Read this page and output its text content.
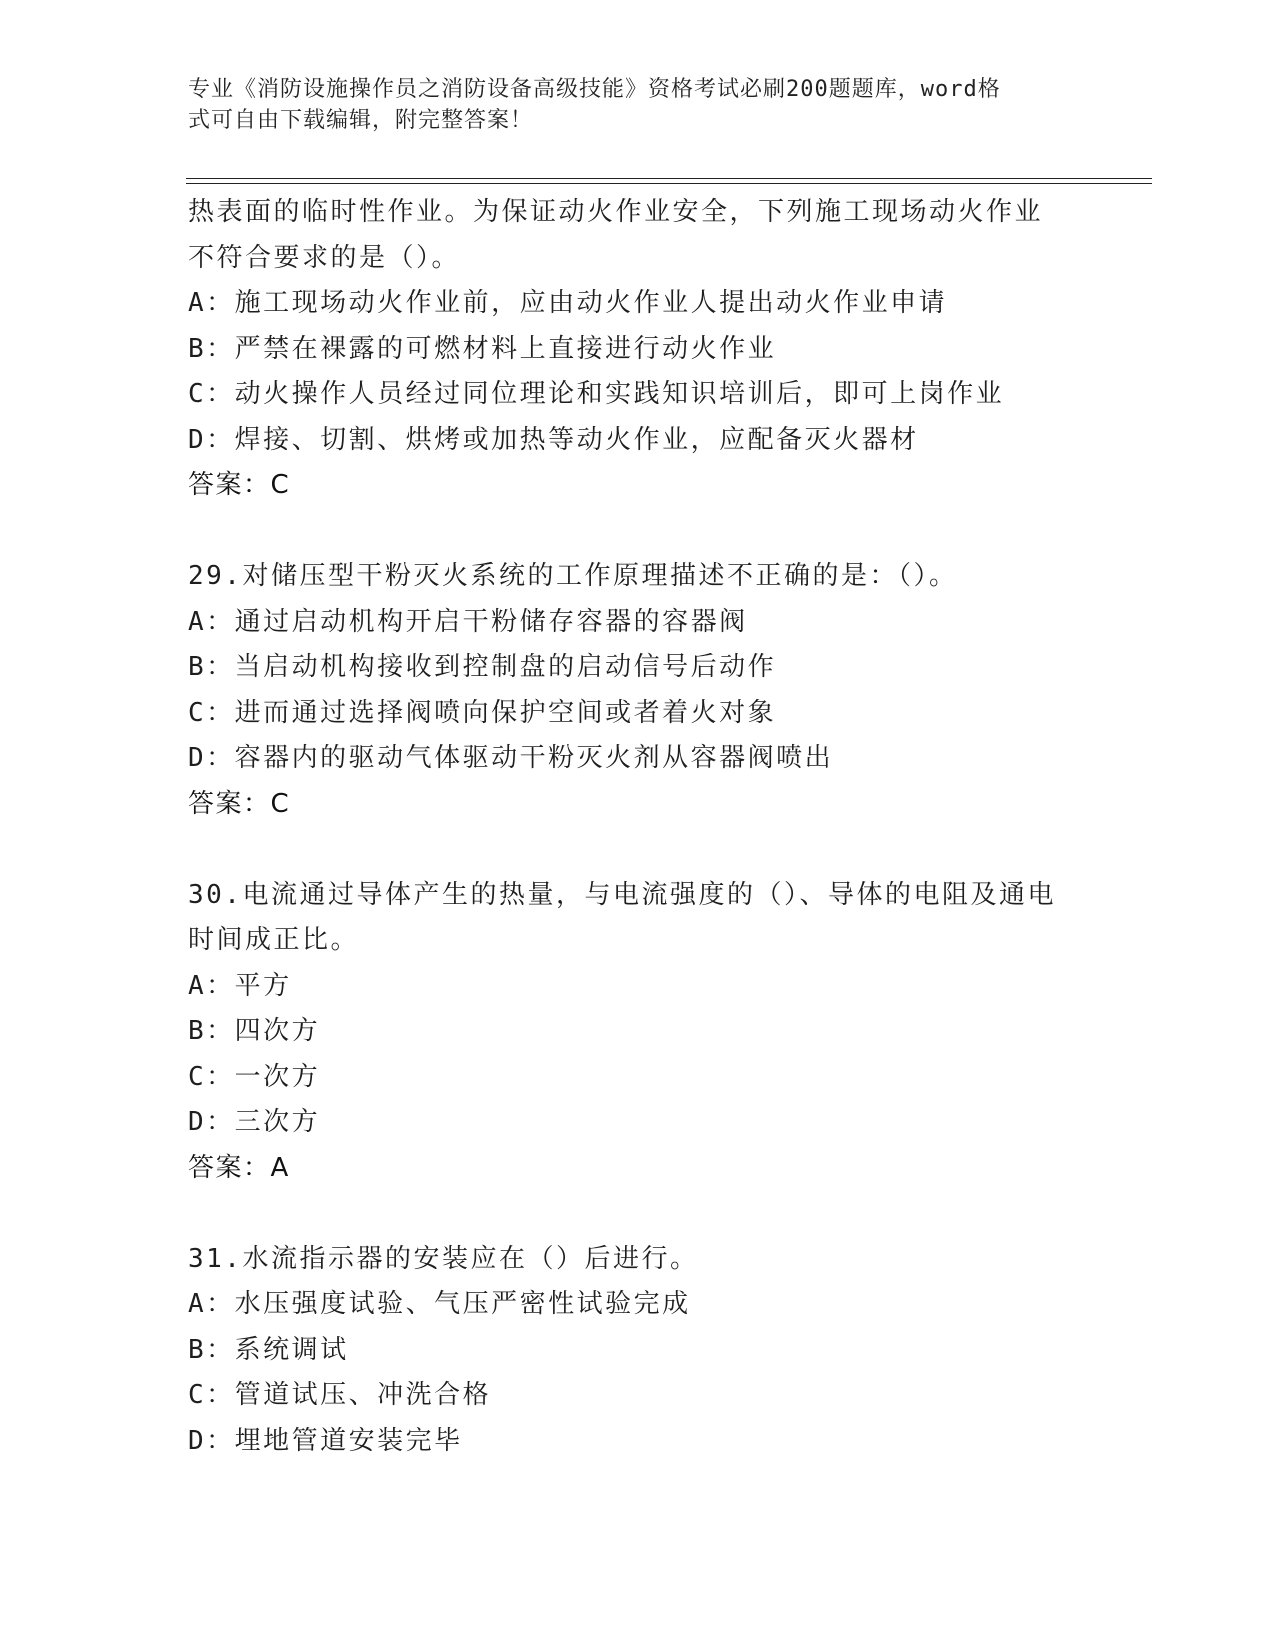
专业《消防设施操作员之消防设备高级技能》资格考试必刷200题题库，word格
式可自由下载编辑，附完整答案！
热表面的临时性作业。为保证动火作业安全，下列施工现场动火作业
不符合要求的是（）。
A：施工现场动火作业前，应由动火作业人提出动火作业申请
B：严禁在裸露的可燃材料上直接进行动火作业
C：动火操作人员经过同位理论和实践知识培训后，即可上岗作业
D：焊接、切割、烘烤或加热等动火作业，应配备灭火器材
答案：C
29.对储压型干粉灭火系统的工作原理描述不正确的是：（）。
A：通过启动机构开启干粉储存容器的容器阀
B：当启动机构接收到控制盘的启动信号后动作
C：进而通过选择阀喷向保护空间或者着火对象
D：容器内的驱动气体驱动干粉灭火剂从容器阀喷出
答案：C
30.电流通过导体产生的热量，与电流强度的（）、导体的电阻及通电
时间成正比。
A：平方
B：四次方
C：一次方
D：三次方
答案：A
31.水流指示器的安装应在（）后进行。
A：水压强度试验、气压严密性试验完成
B：系统调试
C：管道试压、冲洗合格
D：埋地管道安装完毕
